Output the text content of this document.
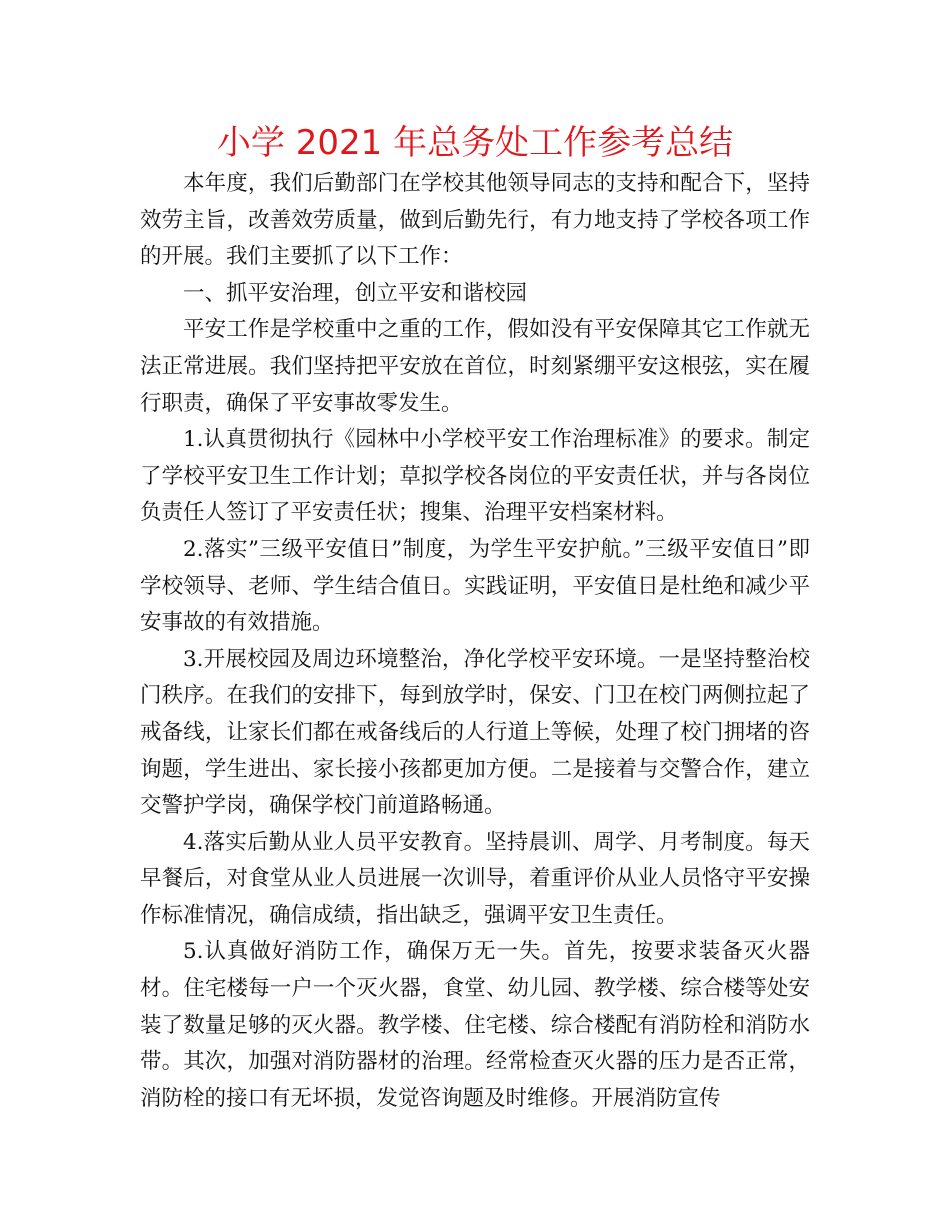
小学 2021 年总务处工作参考总结

本年度，我们后勤部门在学校其他领导同志的支持和配合下，坚持效劳主旨，改善效劳质量，做到后勤先行，有力地支持了学校各项工作的开展。我们主要抓了以下工作：

一、抓平安治理，创立平安和谐校园

平安工作是学校重中之重的工作，假如没有平安保障其它工作就无法正常进展。我们坚持把平安放在首位，时刻紧绷平安这根弦，实在履行职责，确保了平安事故零发生。

1.认真贯彻执行《园林中小学校平安工作治理标准》的要求。制定了学校平安卫生工作计划；草拟学校各岗位的平安责任状，并与各岗位负责任人签订了平安责任状；搜集、治理平安档案材料。

2.落实”三级平安值日”制度，为学生平安护航。”三级平安值日”即学校领导、老师、学生结合值日。实践证明，平安值日是杜绝和减少平安事故的有效措施。

3.开展校园及周边环境整治，净化学校平安环境。一是坚持整治校门秩序。在我们的安排下，每到放学时，保安、门卫在校门两侧拉起了戒备线，让家长们都在戒备线后的人行道上等候，处理了校门拥堵的咨询题，学生进出、家长接小孩都更加方便。二是接着与交警合作，建立交警护学岗，确保学校门前道路畅通。

4.落实后勤从业人员平安教育。坚持晨训、周学、月考制度。每天早餐后，对食堂从业人员进展一次训导，着重评价从业人员恪守平安操作标准情况，确信成绩，指出缺乏，强调平安卫生责任。

5.认真做好消防工作，确保万无一失。首先，按要求装备灭火器材。住宅楼每一户一个灭火器，食堂、幼儿园、教学楼、综合楼等处安装了数量足够的灭火器。教学楼、住宅楼、综合楼配有消防栓和消防水带。其次，加强对消防器材的治理。经常检查灭火器的压力是否正常，消防栓的接口有无坏损，发觉咨询题及时维修。开展消防宣传
